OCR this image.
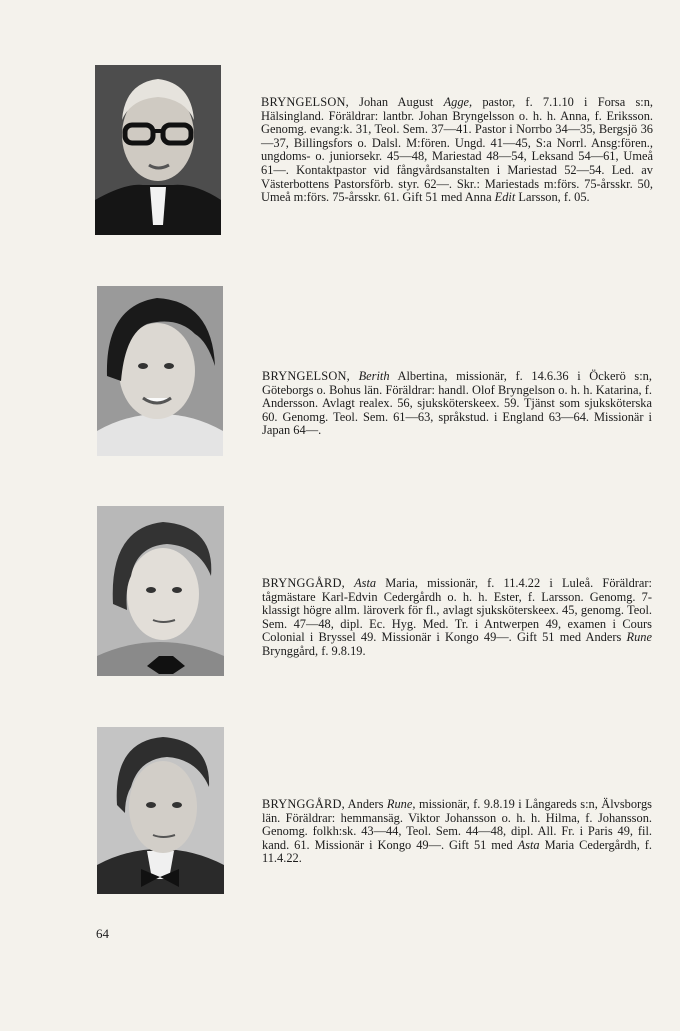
BRYNGELSON, Johan August Agge, pastor, f. 7.1.10 i Forsa s:n, Hälsingland. Föräldrar: lantbr. Johan Bryngelsson o. h. h. Anna, f. Eriksson. Genomg. evang:k. 31, Teol. Sem. 37—41. Pastor i Norrbo 34—35, Bergsjö 36—37, Billingsfors o. Dalsl. M:fören. Ungd. 41—45, S:a Norrl. Ansg:fören., ungdoms- o. juniorsekr. 45—48, Mariestad 48—54, Leksand 54—61, Umeå 61—. Kontaktpastor vid fångvårdsanstalten i Mariestad 52—54. Led. av Västerbottens Pastorsförb. styr. 62—. Skr.: Mariestads m:förs. 75-årsskr. 50, Umeå m:förs. 75-årsskr. 61. Gift 51 med Anna Edit Larsson, f. 05.
BRYNGELSON, Berith Albertina, missionär, f. 14.6.36 i Öckerö s:n, Göteborgs o. Bohus län. Föräldrar: handl. Olof Bryngelson o. h. h. Katarina, f. Andersson. Avlagt realex. 56, sjuksköterskeex. 59. Tjänst som sjuksköterska 60. Genomg. Teol. Sem. 61—63, språkstud. i England 63—64. Missionär i Japan 64—.
BRYNGGÅRD, Asta Maria, missionär, f. 11.4.22 i Luleå. Föräldrar: tågmästare Karl-Edvin Cedergårdh o. h. h. Ester, f. Larsson. Genomg. 7-klassigt högre allm. läroverk för fl., avlagt sjuksköterskeex. 45, genomg. Teol. Sem. 47—48, dipl. Ec. Hyg. Med. Tr. i Antwerpen 49, examen i Cours Colonial i Bryssel 49. Missionär i Kongo 49—. Gift 51 med Anders Rune Brynggård, f. 9.8.19.
BRYNGGÅRD, Anders Rune, missionär, f. 9.8.19 i Långareds s:n, Älvsborgs län. Föräldrar: hemmansäg. Viktor Johansson o. h. h. Hilma, f. Johansson. Genomg. folkh:sk. 43—44, Teol. Sem. 44—48, dipl. All. Fr. i Paris 49, fil. kand. 61. Missionär i Kongo 49—. Gift 51 med Asta Maria Cedergårdh, f. 11.4.22.
64
